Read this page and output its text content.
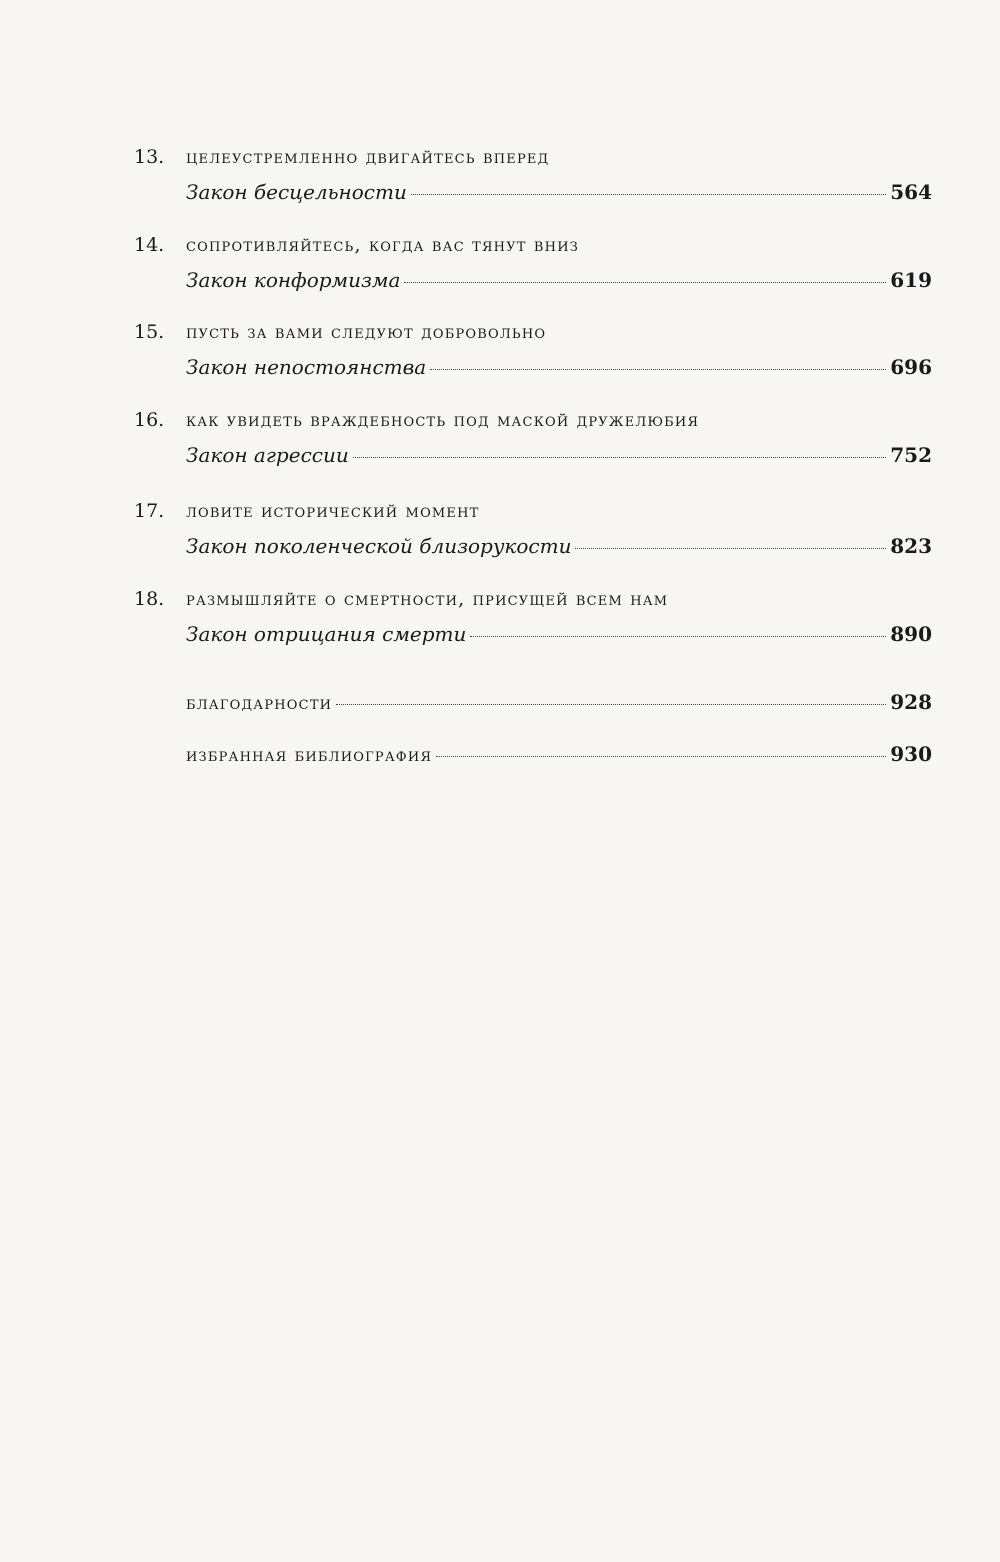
13. целеустремленно двигайтесь вперед
Закон бесцельности	564
14. сопротивляйтесь, когда вас тянут вниз
Закон конформизма	619
15. пусть за вами следуют добровольно
Закон непостоянства	696
16. как увидеть враждебность под маской дружелюбия
Закон агрессии	752
17. ловите исторический момент
Закон поколенческой близорукости	823
18. размышляйте о смертности, присущей всем нам
Закон отрицания смерти	890
благодарности	928
избранная библиография	930
